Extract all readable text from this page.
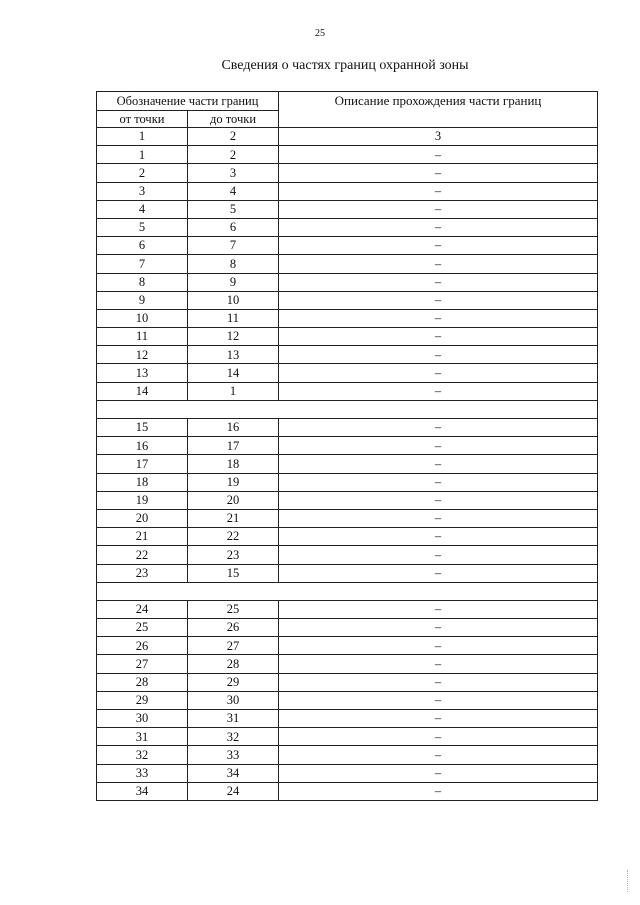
25
Сведения о частях границ охранной зоны
Обозначение части границ		Описание прохождения части границ
от точки	до точки	
1	2	3
1	2	–
2	3	–
3	4	–
4	5	–
5	6	–
6	7	–
7	8	–
8	9	–
9	10	–
10	11	–
11	12	–
12	13	–
13	14	–
14	1	–

15	16	–
16	17	–
17	18	–
18	19	–
19	20	–
20	21	–
21	22	–
22	23	–
23	15	–

24	25	–
25	26	–
26	27	–
27	28	–
28	29	–
29	30	–
30	31	–
31	32	–
32	33	–
33	34	–
34	24	–
